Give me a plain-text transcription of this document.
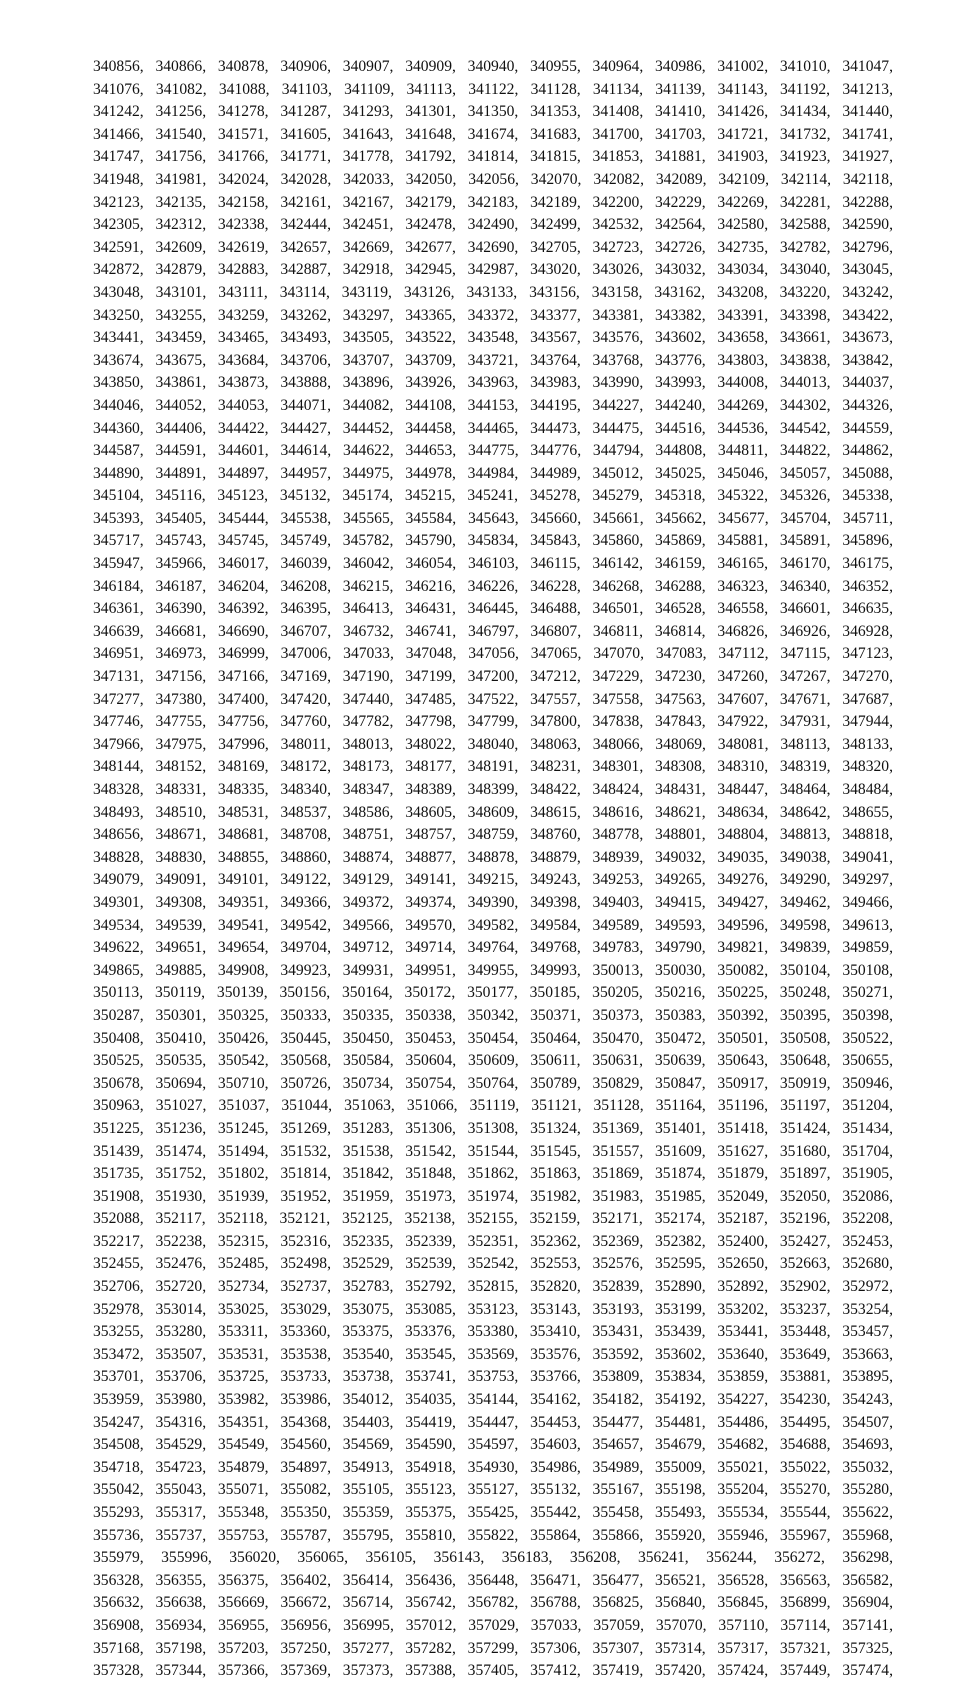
340856, 340866, 340878, 340906, 340907, 340909, 340940, 340955, 340964, 340986, 341002, 341010, 341047,
341076, 341082, 341088, 341103, 341109, 341113, 341122, 341128, 341134, 341139, 341143, 341192, 341213,
341242, 341256, 341278, 341287, 341293, 341301, 341350, 341353, 341408, 341410, 341426, 341434, 341440,
341466, 341540, 341571, 341605, 341643, 341648, 341674, 341683, 341700, 341703, 341721, 341732, 341741,
341747, 341756, 341766, 341771, 341778, 341792, 341814, 341815, 341853, 341881, 341903, 341923, 341927,
341948, 341981, 342024, 342028, 342033, 342050, 342056, 342070, 342082, 342089, 342109, 342114, 342118,
342123, 342135, 342158, 342161, 342167, 342179, 342183, 342189, 342200, 342229, 342269, 342281, 342288,
342305, 342312, 342338, 342444, 342451, 342478, 342490, 342499, 342532, 342564, 342580, 342588, 342590,
342591, 342609, 342619, 342657, 342669, 342677, 342690, 342705, 342723, 342726, 342735, 342782, 342796,
342872, 342879, 342883, 342887, 342918, 342945, 342987, 343020, 343026, 343032, 343034, 343040, 343045,
343048, 343101, 343111, 343114, 343119, 343126, 343133, 343156, 343158, 343162, 343208, 343220, 343242,
343250, 343255, 343259, 343262, 343297, 343365, 343372, 343377, 343381, 343382, 343391, 343398, 343422,
343441, 343459, 343465, 343493, 343505, 343522, 343548, 343567, 343576, 343602, 343658, 343661, 343673,
343674, 343675, 343684, 343706, 343707, 343709, 343721, 343764, 343768, 343776, 343803, 343838, 343842,
343850, 343861, 343873, 343888, 343896, 343926, 343963, 343983, 343990, 343993, 344008, 344013, 344037,
344046, 344052, 344053, 344071, 344082, 344108, 344153, 344195, 344227, 344240, 344269, 344302, 344326,
344360, 344406, 344422, 344427, 344452, 344458, 344465, 344473, 344475, 344516, 344536, 344542, 344559,
344587, 344591, 344601, 344614, 344622, 344653, 344775, 344776, 344794, 344808, 344811, 344822, 344862,
344890, 344891, 344897, 344957, 344975, 344978, 344984, 344989, 345012, 345025, 345046, 345057, 345088,
345104, 345116, 345123, 345132, 345174, 345215, 345241, 345278, 345279, 345318, 345322, 345326, 345338,
345393, 345405, 345444, 345538, 345565, 345584, 345643, 345660, 345661, 345662, 345677, 345704, 345711,
345717, 345743, 345745, 345749, 345782, 345790, 345834, 345843, 345860, 345869, 345881, 345891, 345896,
345947, 345966, 346017, 346039, 346042, 346054, 346103, 346115, 346142, 346159, 346165, 346170, 346175,
346184, 346187, 346204, 346208, 346215, 346216, 346226, 346228, 346268, 346288, 346323, 346340, 346352,
346361, 346390, 346392, 346395, 346413, 346431, 346445, 346488, 346501, 346528, 346558, 346601, 346635,
346639, 346681, 346690, 346707, 346732, 346741, 346797, 346807, 346811, 346814, 346826, 346926, 346928,
346951, 346973, 346999, 347006, 347033, 347048, 347056, 347065, 347070, 347083, 347112, 347115, 347123,
347131, 347156, 347166, 347169, 347190, 347199, 347200, 347212, 347229, 347230, 347260, 347267, 347270,
347277, 347380, 347400, 347420, 347440, 347485, 347522, 347557, 347558, 347563, 347607, 347671, 347687,
347746, 347755, 347756, 347760, 347782, 347798, 347799, 347800, 347838, 347843, 347922, 347931, 347944,
347966, 347975, 347996, 348011, 348013, 348022, 348040, 348063, 348066, 348069, 348081, 348113, 348133,
348144, 348152, 348169, 348172, 348173, 348177, 348191, 348231, 348301, 348308, 348310, 348319, 348320,
348328, 348331, 348335, 348340, 348347, 348389, 348399, 348422, 348424, 348431, 348447, 348464, 348484,
348493, 348510, 348531, 348537, 348586, 348605, 348609, 348615, 348616, 348621, 348634, 348642, 348655,
348656, 348671, 348681, 348708, 348751, 348757, 348759, 348760, 348778, 348801, 348804, 348813, 348818,
348828, 348830, 348855, 348860, 348874, 348877, 348878, 348879, 348939, 349032, 349035, 349038, 349041,
349079, 349091, 349101, 349122, 349129, 349141, 349215, 349243, 349253, 349265, 349276, 349290, 349297,
349301, 349308, 349351, 349366, 349372, 349374, 349390, 349398, 349403, 349415, 349427, 349462, 349466,
349534, 349539, 349541, 349542, 349566, 349570, 349582, 349584, 349589, 349593, 349596, 349598, 349613,
349622, 349651, 349654, 349704, 349712, 349714, 349764, 349768, 349783, 349790, 349821, 349839, 349859,
349865, 349885, 349908, 349923, 349931, 349951, 349955, 349993, 350013, 350030, 350082, 350104, 350108,
350113, 350119, 350139, 350156, 350164, 350172, 350177, 350185, 350205, 350216, 350225, 350248, 350271,
350287, 350301, 350325, 350333, 350335, 350338, 350342, 350371, 350373, 350383, 350392, 350395, 350398,
350408, 350410, 350426, 350445, 350450, 350453, 350454, 350464, 350470, 350472, 350501, 350508, 350522,
350525, 350535, 350542, 350568, 350584, 350604, 350609, 350611, 350631, 350639, 350643, 350648, 350655,
350678, 350694, 350710, 350726, 350734, 350754, 350764, 350789, 350829, 350847, 350917, 350919, 350946,
350963, 351027, 351037, 351044, 351063, 351066, 351119, 351121, 351128, 351164, 351196, 351197, 351204,
351225, 351236, 351245, 351269, 351283, 351306, 351308, 351324, 351369, 351401, 351418, 351424, 351434,
351439, 351474, 351494, 351532, 351538, 351542, 351544, 351545, 351557, 351609, 351627, 351680, 351704,
351735, 351752, 351802, 351814, 351842, 351848, 351862, 351863, 351869, 351874, 351879, 351897, 351905,
351908, 351930, 351939, 351952, 351959, 351973, 351974, 351982, 351983, 351985, 352049, 352050, 352086,
352088, 352117, 352118, 352121, 352125, 352138, 352155, 352159, 352171, 352174, 352187, 352196, 352208,
352217, 352238, 352315, 352316, 352335, 352339, 352351, 352362, 352369, 352382, 352400, 352427, 352453,
352455, 352476, 352485, 352498, 352529, 352539, 352542, 352553, 352576, 352595, 352650, 352663, 352680,
352706, 352720, 352734, 352737, 352783, 352792, 352815, 352820, 352839, 352890, 352892, 352902, 352972,
352978, 353014, 353025, 353029, 353075, 353085, 353123, 353143, 353193, 353199, 353202, 353237, 353254,
353255, 353280, 353311, 353360, 353375, 353376, 353380, 353410, 353431, 353439, 353441, 353448, 353457,
353472, 353507, 353531, 353538, 353540, 353545, 353569, 353576, 353592, 353602, 353640, 353649, 353663,
353701, 353706, 353725, 353733, 353738, 353741, 353753, 353766, 353809, 353834, 353859, 353881, 353895,
353959, 353980, 353982, 353986, 354012, 354035, 354144, 354162, 354182, 354192, 354227, 354230, 354243,
354247, 354316, 354351, 354368, 354403, 354419, 354447, 354453, 354477, 354481, 354486, 354495, 354507,
354508, 354529, 354549, 354560, 354569, 354590, 354597, 354603, 354657, 354679, 354682, 354688, 354693,
354718, 354723, 354879, 354897, 354913, 354918, 354930, 354986, 354989, 355009, 355021, 355022, 355032,
355042, 355043, 355071, 355082, 355105, 355123, 355127, 355132, 355167, 355198, 355204, 355270, 355280,
355293, 355317, 355348, 355350, 355359, 355375, 355425, 355442, 355458, 355493, 355534, 355544, 355622,
355736, 355737, 355753, 355787, 355795, 355810, 355822, 355864, 355866, 355920, 355946, 355967, 355968,
355979, 355996, 356020, 356065, 356105, 356143, 356183, 356208, 356241, 356244, 356272, 356298,
356328, 356355, 356375, 356402, 356414, 356436, 356448, 356471, 356477, 356521, 356528, 356563, 356582,
356632, 356638, 356669, 356672, 356714, 356742, 356782, 356788, 356825, 356840, 356845, 356899, 356904,
356908, 356934, 356955, 356956, 356995, 357012, 357029, 357033, 357059, 357070, 357110, 357114, 357141,
357168, 357198, 357203, 357250, 357277, 357282, 357299, 357306, 357307, 357314, 357317, 357321, 357325,
357328, 357344, 357366, 357369, 357373, 357388, 357405, 357412, 357419, 357420, 357424, 357449, 357474,
